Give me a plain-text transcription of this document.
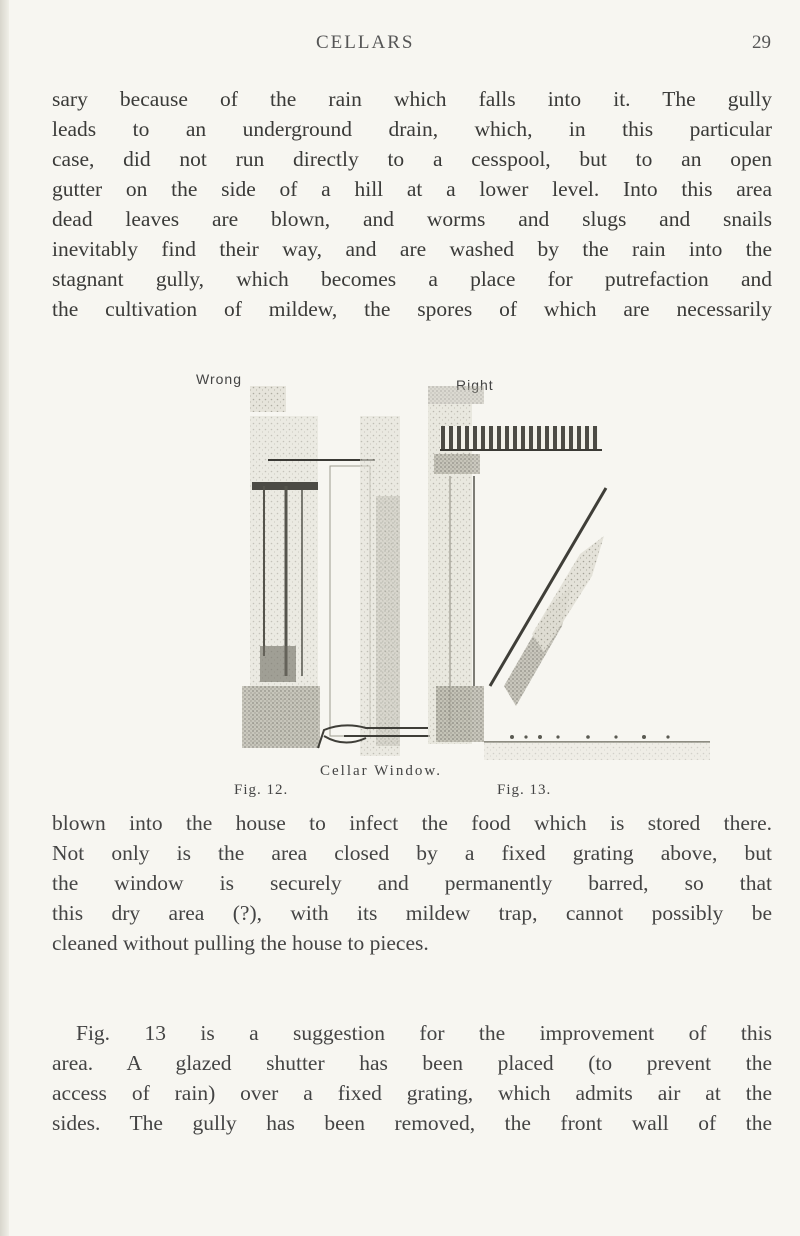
CELLARS	29
sary because of the rain which falls into it. The gully
leads to an underground drain, which, in this particular
case, did not run directly to a cesspool, but to an open
gutter on the side of a hill at a lower level. Into this area
dead leaves are blown, and worms and slugs and snails
inevitably find their way, and are washed by the rain into the
stagnant gully, which becomes a place for putrefaction and
the cultivation of mildew, the spores of which are necessarily
Wrong	Right
Cellar Window.
Fig. 12.	Fig. 13.
blown into the house to infect the food which is stored there.
Not only is the area closed by a fixed grating above, but
the window is securely and permanently barred, so that
this dry area (?), with its mildew trap, cannot possibly be
cleaned without pulling the house to pieces.
Fig. 13 is a suggestion for the improvement of this
area. A glazed shutter has been placed (to prevent the
access of rain) over a fixed grating, which admits air at the
sides. The gully has been removed, the front wall of the
